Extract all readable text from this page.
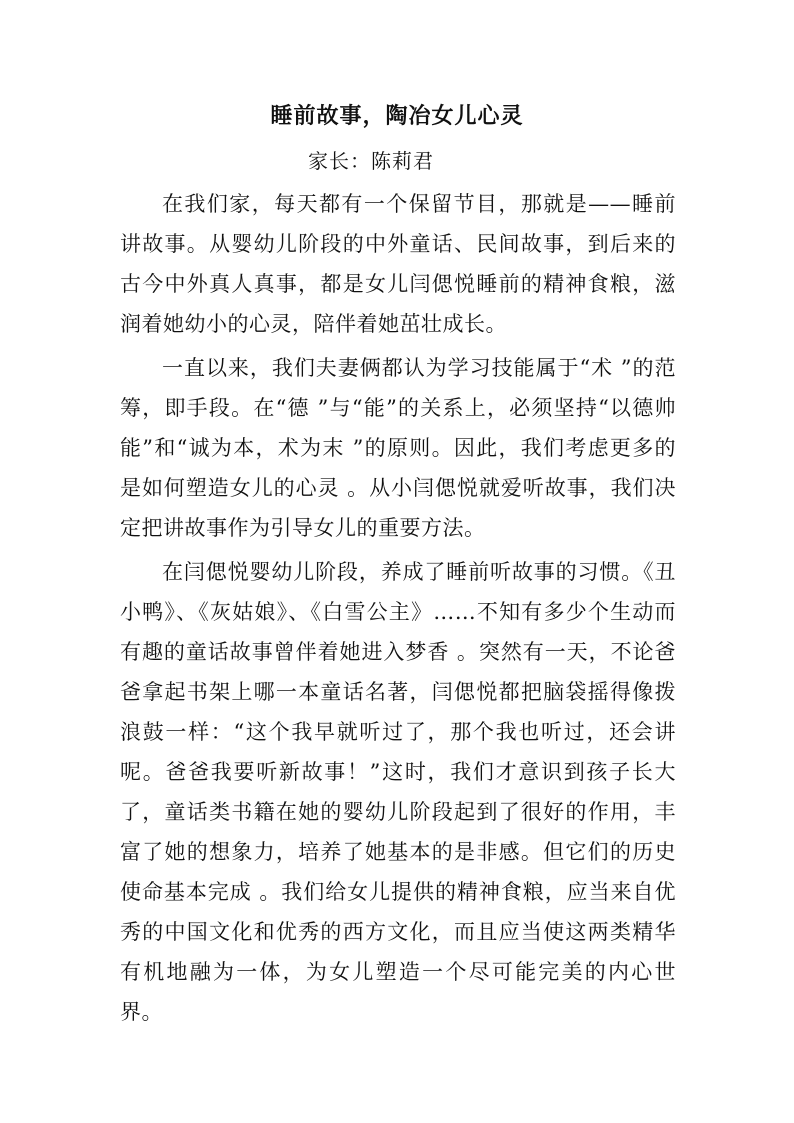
睡前故事，陶冶女儿心灵
家长：陈莉君

在我们家，每天都有一个保留节目，那就是——睡前讲故事。从婴幼儿阶段的中外童话、民间故事，到后来的古今中外真人真事，都是女儿闫偲悦睡前的精神食粮，滋润着她幼小的心灵，陪伴着她茁壮成长。

一直以来，我们夫妻俩都认为学习技能属于“术 ”的范筹，即手段。在“德 ”与“能”的关系上，必须坚持“以德帅能”和“诚为本，术为末 ”的原则。因此，我们考虑更多的是如何塑造女儿的心灵 。从小闫偲悦就爱听故事，我们决定把讲故事作为引导女儿的重要方法。

在闫偲悦婴幼儿阶段，养成了睡前听故事的习惯。《丑小鸭》、《灰姑娘》、《白雪公主》……不知有多少个生动而有趣的童话故事曾伴着她进入梦香 。突然有一天，不论爸爸拿起书架上哪一本童话名著，闫偲悦都把脑袋摇得像拨浪鼓一样：“这个我早就听过了，那个我也听过，还会讲呢。爸爸我要听新故事！”这时，我们才意识到孩子长大了，童话类书籍在她的婴幼儿阶段起到了很好的作用，丰富了她的想象力，培养了她基本的是非感。但它们的历史使命基本完成 。我们给女儿提供的精神食粮，应当来自优秀的中国文化和优秀的西方文化，而且应当使这两类精华有机地融为一体，为女儿塑造一个尽可能完美的内心世界。
